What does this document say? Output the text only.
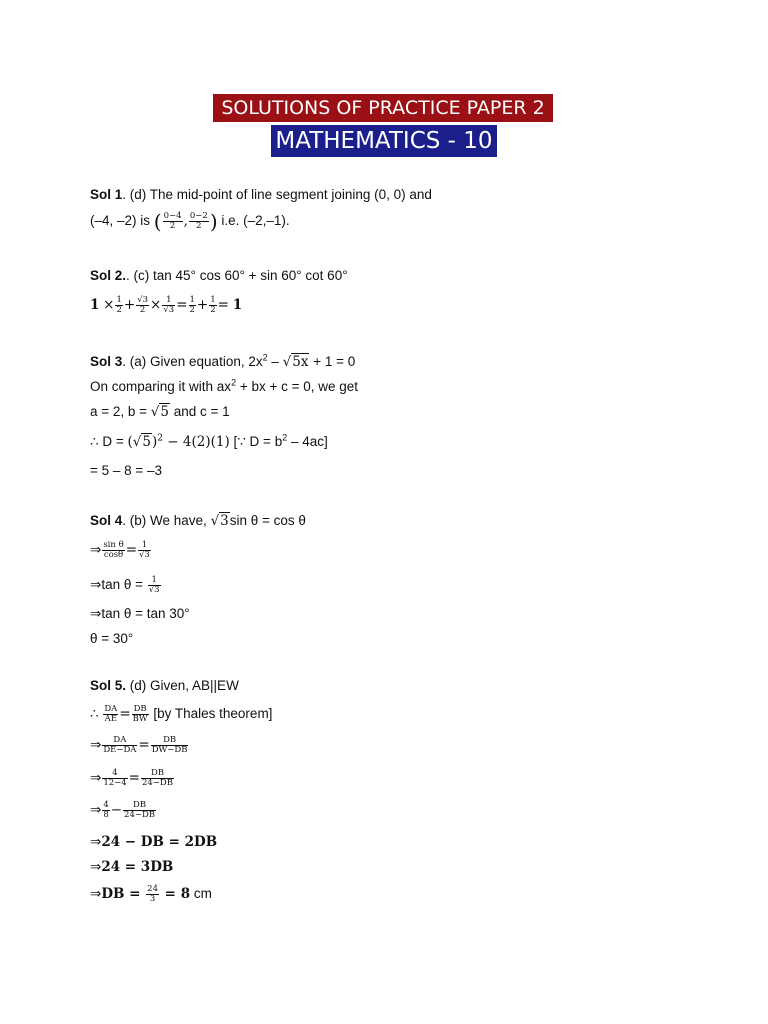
SOLUTIONS OF PRACTICE PAPER 2
MATHEMATICS - 10
Sol 1. (d) The mid-point of line segment joining (0, 0) and
(–4, –2) is ( $\frac{0-4}{2}$ , $\frac{0-2}{2}$ ) i.e. (–2,–1).
Sol 2.. (c) tan 45° cos 60° + sin 60° cot 60°
$1 \times \frac{1}{2} + \frac{√3}{2} \times \frac{1}{√3} = \frac{1}{2} + \frac{1}{2} = 1$
Sol 3. (a) Given equation, $2x^2 - √5x + 1 = 0$
On comparing it with $ax^2$ + bx + c = 0, we get
a = 2, b = √5 and c = 1
∴ $D = (√5)^2 - 4(2)(1)$ [∵ $D = b^2 - 4ac$]
= 5 – 8 = –3
Sol 4. (b) We have, √3sin θ = cos θ
⇒ $\frac{\text{sin θ}}{\cos\theta} = \frac{1}{√3}$
⇒tan $\theta = \frac{1}{√3}$
⇒tan θ = tan 30°
θ = 30°
Sol 5. (d) Given, AB||EW
∴ $\frac{DA}{AE} = \frac{DB}{BW} [by$ Thales theorem]
⇒ $\frac{DA}{DE-DA} = \frac{DB}{DW-DB}$
⇒ $\frac{4}{12-4} = \frac{DB}{24-DB}$
⇒ $\frac{4}{8} - \frac{DB}{24-DB}$
⇒24 − DB = 2DB
⇒24 = 3DB
⇒DB = $\frac{24}{3} = 8$ cm
